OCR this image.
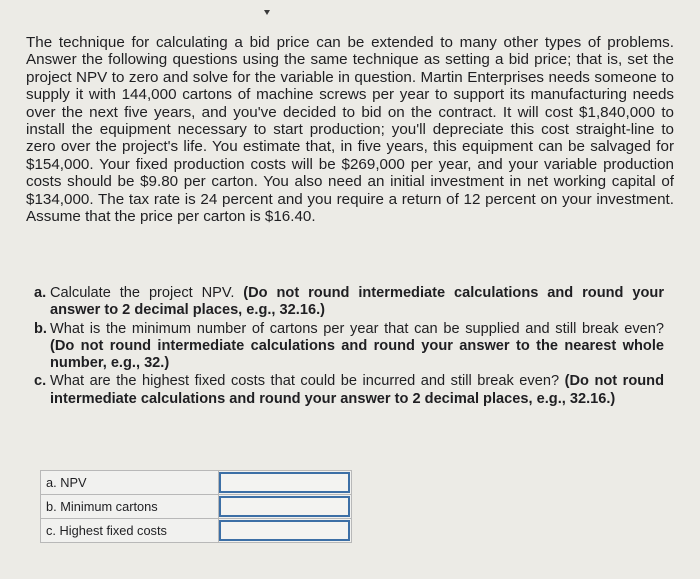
The technique for calculating a bid price can be extended to many other types of problems. Answer the following questions using the same technique as setting a bid price; that is, set the project NPV to zero and solve for the variable in question. Martin Enterprises needs someone to supply it with 144,000 cartons of machine screws per year to support its manufacturing needs over the next five years, and you've decided to bid on the contract. It will cost $1,840,000 to install the equipment necessary to start production; you'll depreciate this cost straight-line to zero over the project's life. You estimate that, in five years, this equipment can be salvaged for $154,000. Your fixed production costs will be $269,000 per year, and your variable production costs should be $9.80 per carton. You also need an initial investment in net working capital of $134,000. The tax rate is 24 percent and you require a return of 12 percent on your investment. Assume that the price per carton is $16.40.

a. Calculate the project NPV. (Do not round intermediate calculations and round your answer to 2 decimal places, e.g., 32.16.)
b. What is the minimum number of cartons per year that can be supplied and still break even? (Do not round intermediate calculations and round your answer to the nearest whole number, e.g., 32.)
c. What are the highest fixed costs that could be incurred and still break even? (Do not round intermediate calculations and round your answer to 2 decimal places, e.g., 32.16.)
a. NPV	

b. Minimum cartons	

c. Highest fixed costs	
